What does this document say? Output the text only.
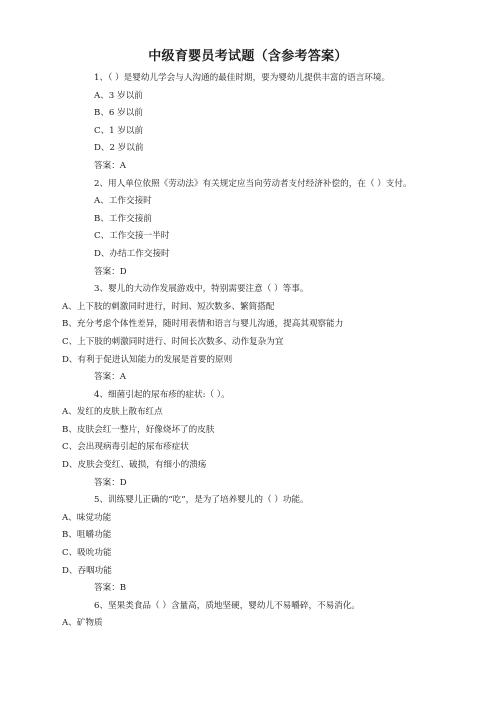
中级育婴员考试题（含参考答案）
1、（ ）是婴幼儿学会与人沟通的最佳时期，要为婴幼儿提供丰富的语言环境。
A、3 岁以前
B、6 岁以前
C、1 岁以前
D、2 岁以前
答案：A
2、用人单位依照《劳动法》有关规定应当向劳动者支付经济补偿的，在（ ）支付。
A、工作交接时
B、工作交接前
C、工作交接一半时
D、办结工作交接时
答案：D
3、婴儿的大动作发展游戏中，特别需要注意（ ）等事。
A、上下肢的刺激同时进行，时间、短次数多、繁简搭配
B、充分考虑个体性差异，随时用表情和语言与婴儿沟通，提高其观察能力
C、上下肢的刺激同时进行、时间长次数多、动作复杂为宜
D、有利于促进认知能力的发展是首要的原则
答案：A
4、细菌引起的尿布疹的症状:（ ）。
A、发红的皮肤上散布红点
B、皮肤会红一整片，好像烧坏了的皮肤
C、会出现病毒引起的尿布疹症状
D、皮肤会变红、破损，有细小的溃疡
答案：D
5、训练婴儿正确的“吃”，是为了培养婴儿的（ ）功能。
A、味觉功能
B、咀嚼功能
C、吸吮功能
D、吞咽功能
答案：B
6、坚果类食品（ ）含量高，质地坚硬，婴幼儿不易嚼碎，不易消化。
A、矿物质
